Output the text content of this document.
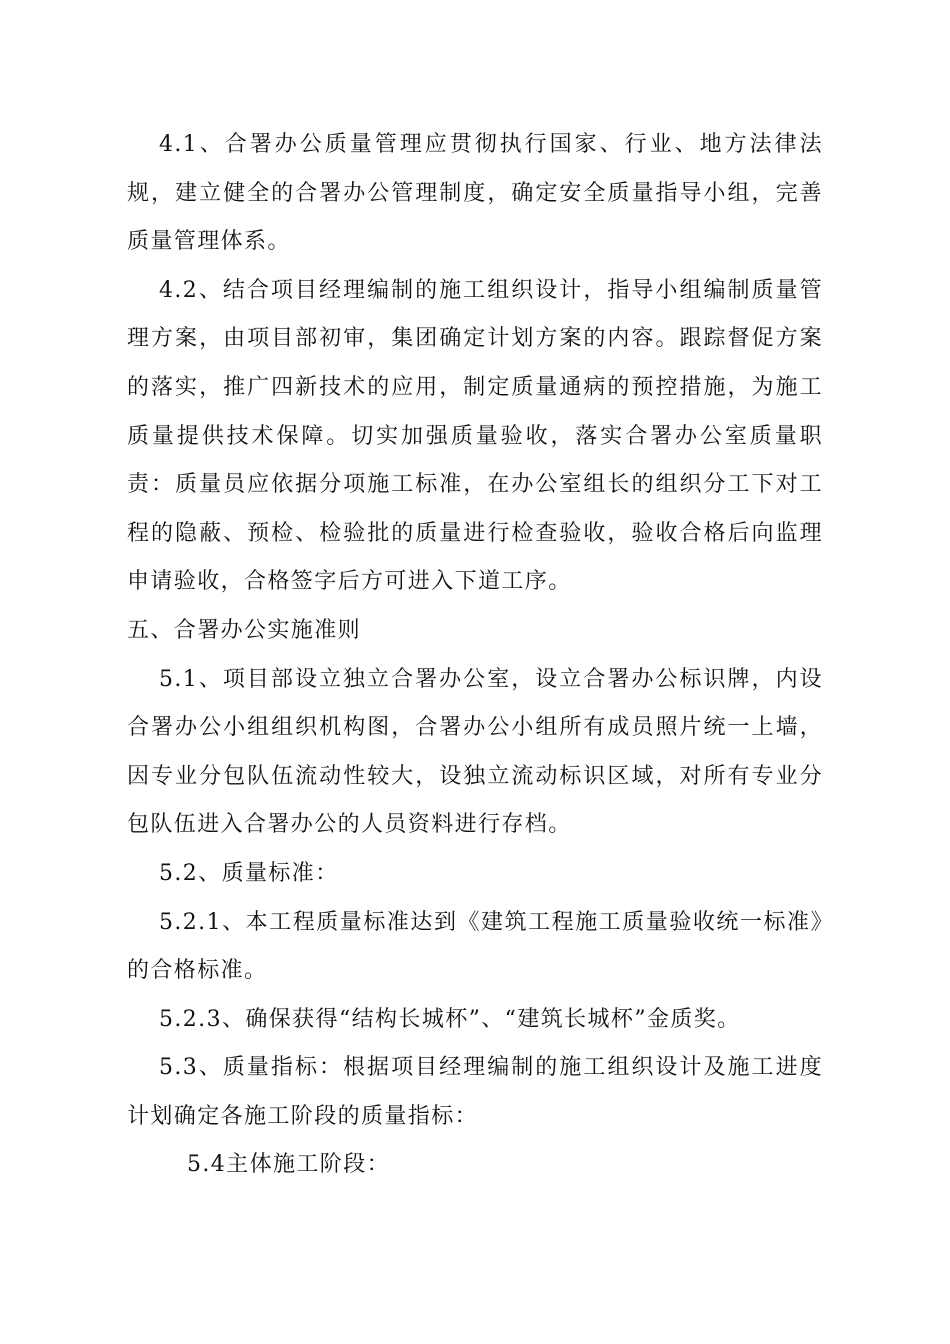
4.1、合署办公质量管理应贯彻执行国家、行业、地方法律法规，建立健全的合署办公管理制度，确定安全质量指导小组，完善质量管理体系。

4.2、结合项目经理编制的施工组织设计，指导小组编制质量管理方案，由项目部初审，集团确定计划方案的内容。跟踪督促方案的落实，推广四新技术的应用，制定质量通病的预控措施，为施工质量提供技术保障。切实加强质量验收，落实合署办公室质量职责：质量员应依据分项施工标准，在办公室组长的组织分工下对工程的隐蔽、预检、检验批的质量进行检查验收，验收合格后向监理申请验收，合格签字后方可进入下道工序。

五、合署办公实施准则

5.1、项目部设立独立合署办公室，设立合署办公标识牌，内设合署办公小组组织机构图，合署办公小组所有成员照片统一上墙，因专业分包队伍流动性较大，设独立流动标识区域，对所有专业分包队伍进入合署办公的人员资料进行存档。

5.2、质量标准：

5.2.1、本工程质量标准达到《建筑工程施工质量验收统一标准》的合格标准。

5.2.3、确保获得“结构长城杯”、“建筑长城杯”金质奖。

5.3、质量指标：根据项目经理编制的施工组织设计及施工进度计划确定各施工阶段的质量指标：

5.4主体施工阶段：
